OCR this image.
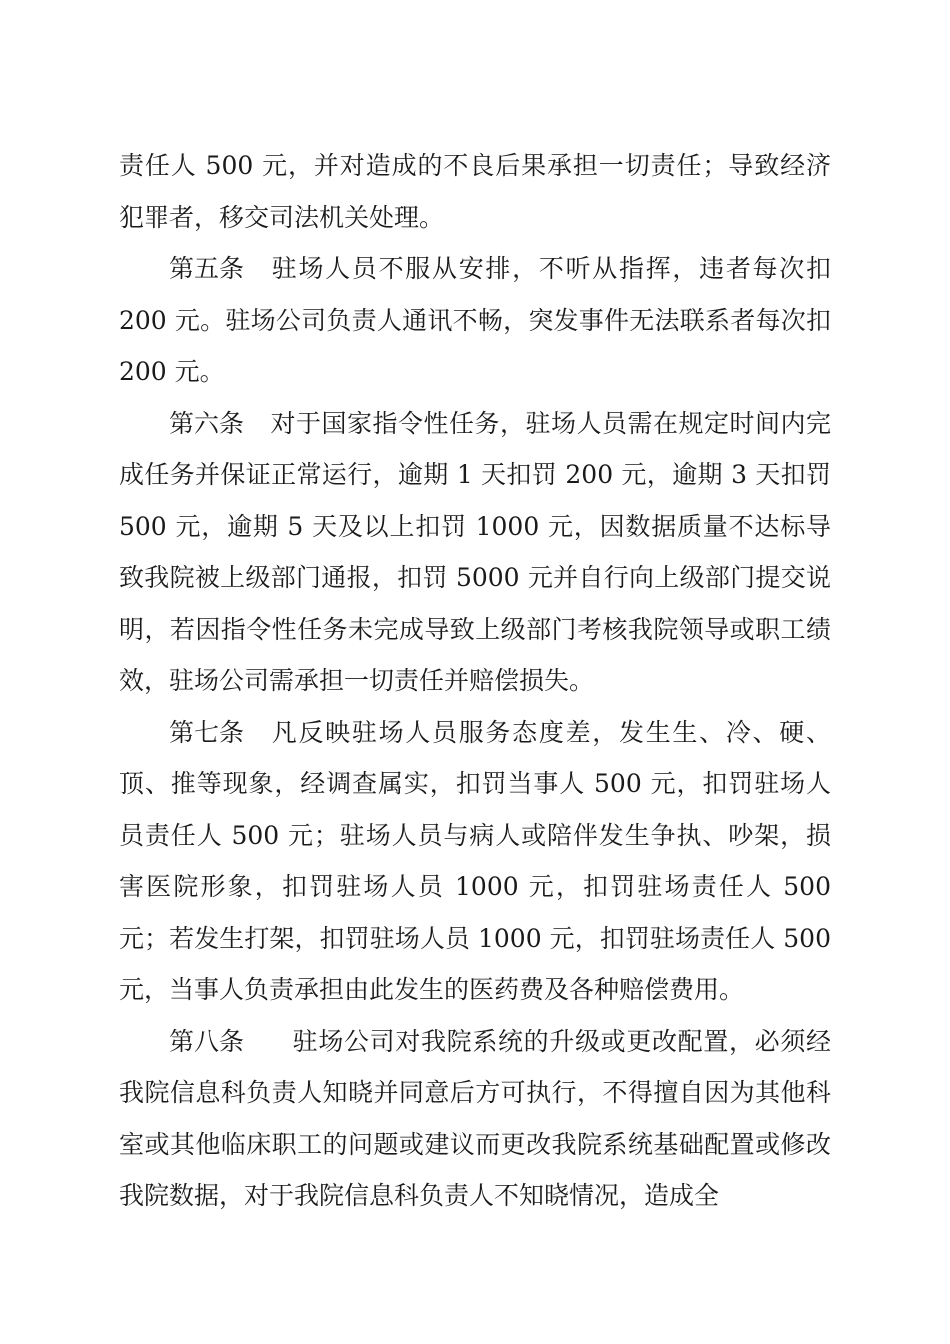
责任人 500 元，并对造成的不良后果承担一切责任；导致经济犯罪者，移交司法机关处理。

第五条 驻场人员不服从安排，不听从指挥，违者每次扣 200 元。驻场公司负责人通讯不畅，突发事件无法联系者每次扣 200 元。

第六条 对于国家指令性任务，驻场人员需在规定时间内完成任务并保证正常运行，逾期 1 天扣罚 200 元，逾期 3 天扣罚 500 元，逾期 5 天及以上扣罚 1000 元，因数据质量不达标导致我院被上级部门通报，扣罚 5000 元并自行向上级部门提交说明，若因指令性任务未完成导致上级部门考核我院领导或职工绩效，驻场公司需承担一切责任并赔偿损失。

第七条 凡反映驻场人员服务态度差，发生生、冷、硬、顶、推等现象，经调查属实，扣罚当事人 500 元，扣罚驻场人员责任人 500 元；驻场人员与病人或陪伴发生争执、吵架，损害医院形象，扣罚驻场人员 1000 元，扣罚驻场责任人 500 元；若发生打架，扣罚驻场人员 1000 元，扣罚驻场责任人 500 元，当事人负责承担由此发生的医药费及各种赔偿费用。

第八条 驻场公司对我院系统的升级或更改配置，必须经我院信息科负责人知晓并同意后方可执行，不得擅自因为其他科室或其他临床职工的问题或建议而更改我院系统基础配置或修改我院数据，对于我院信息科负责人不知晓情况，造成全
